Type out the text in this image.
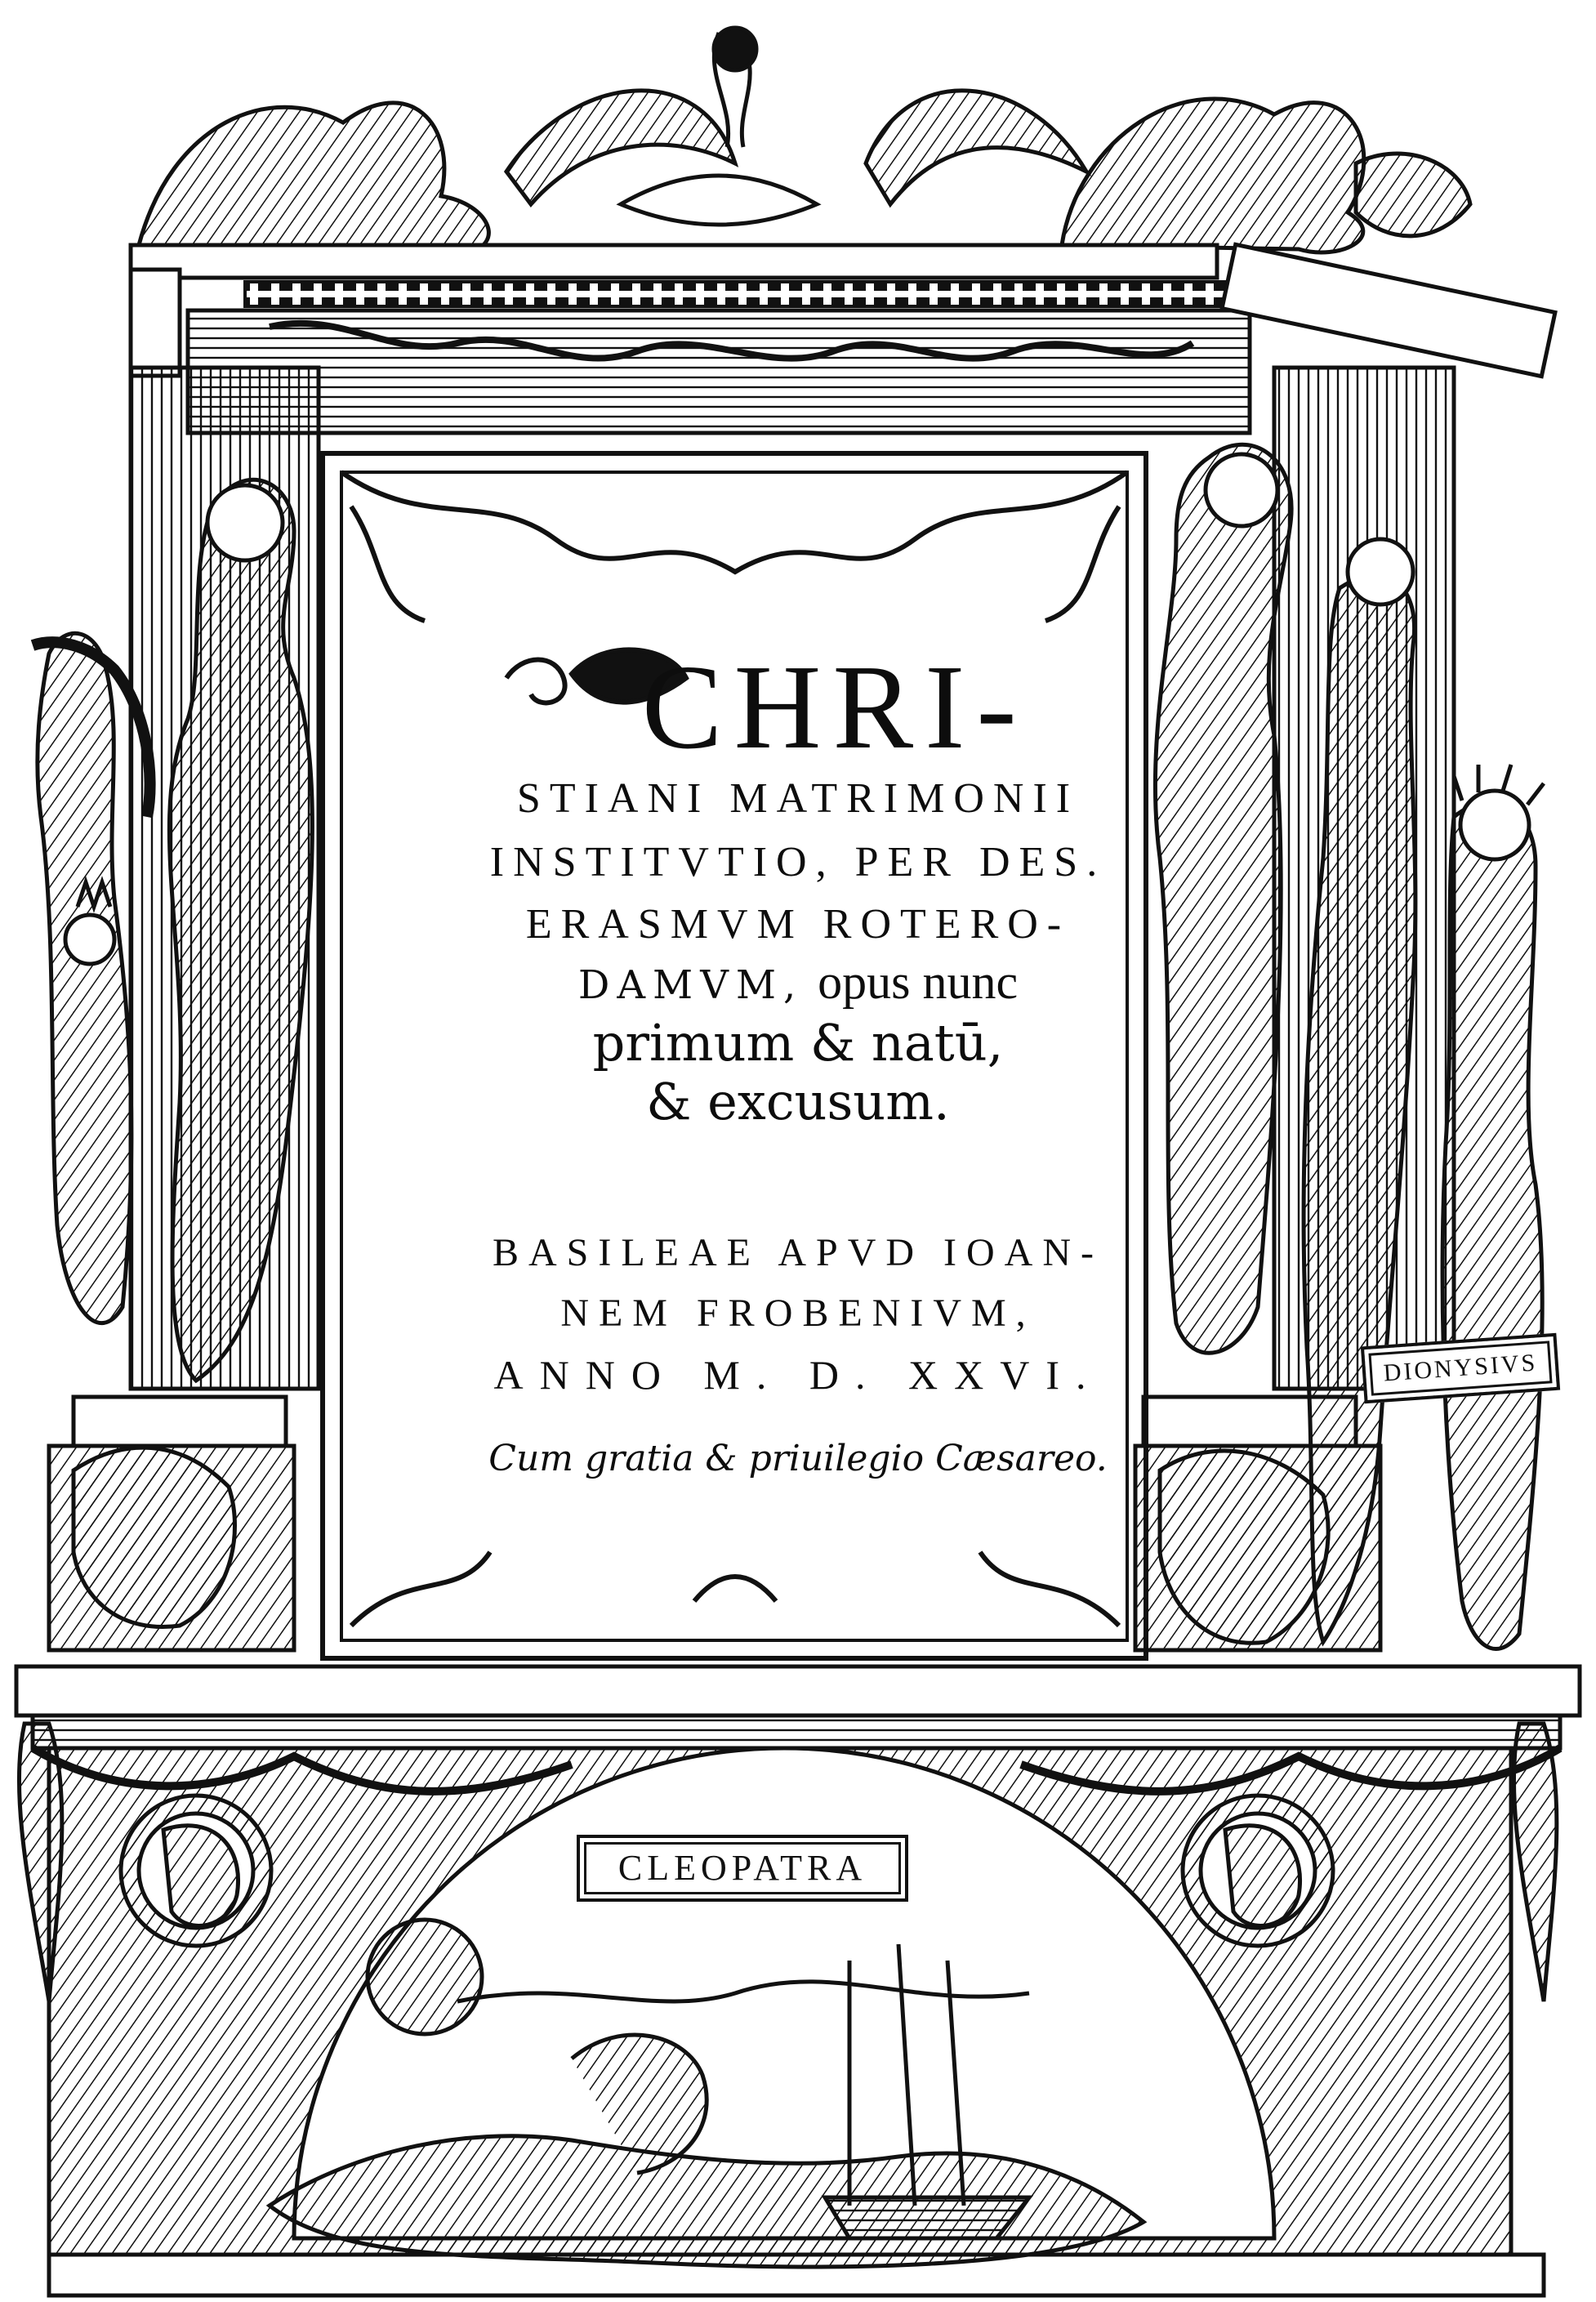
CHRI-
STIANI MATRIMONII
INSTITVTIO, PER DES.
ERASMVM ROTERO-
DAMVM, opus nunc
primum & natū,
& excusum.
BASILEAE APVD IOAN-
NEM FROBENIVM,
ANNO M. D. XXVI.
Cum gratia & priuilegio Cæsareo.
DIONYSIVS
CLEOPATRA
